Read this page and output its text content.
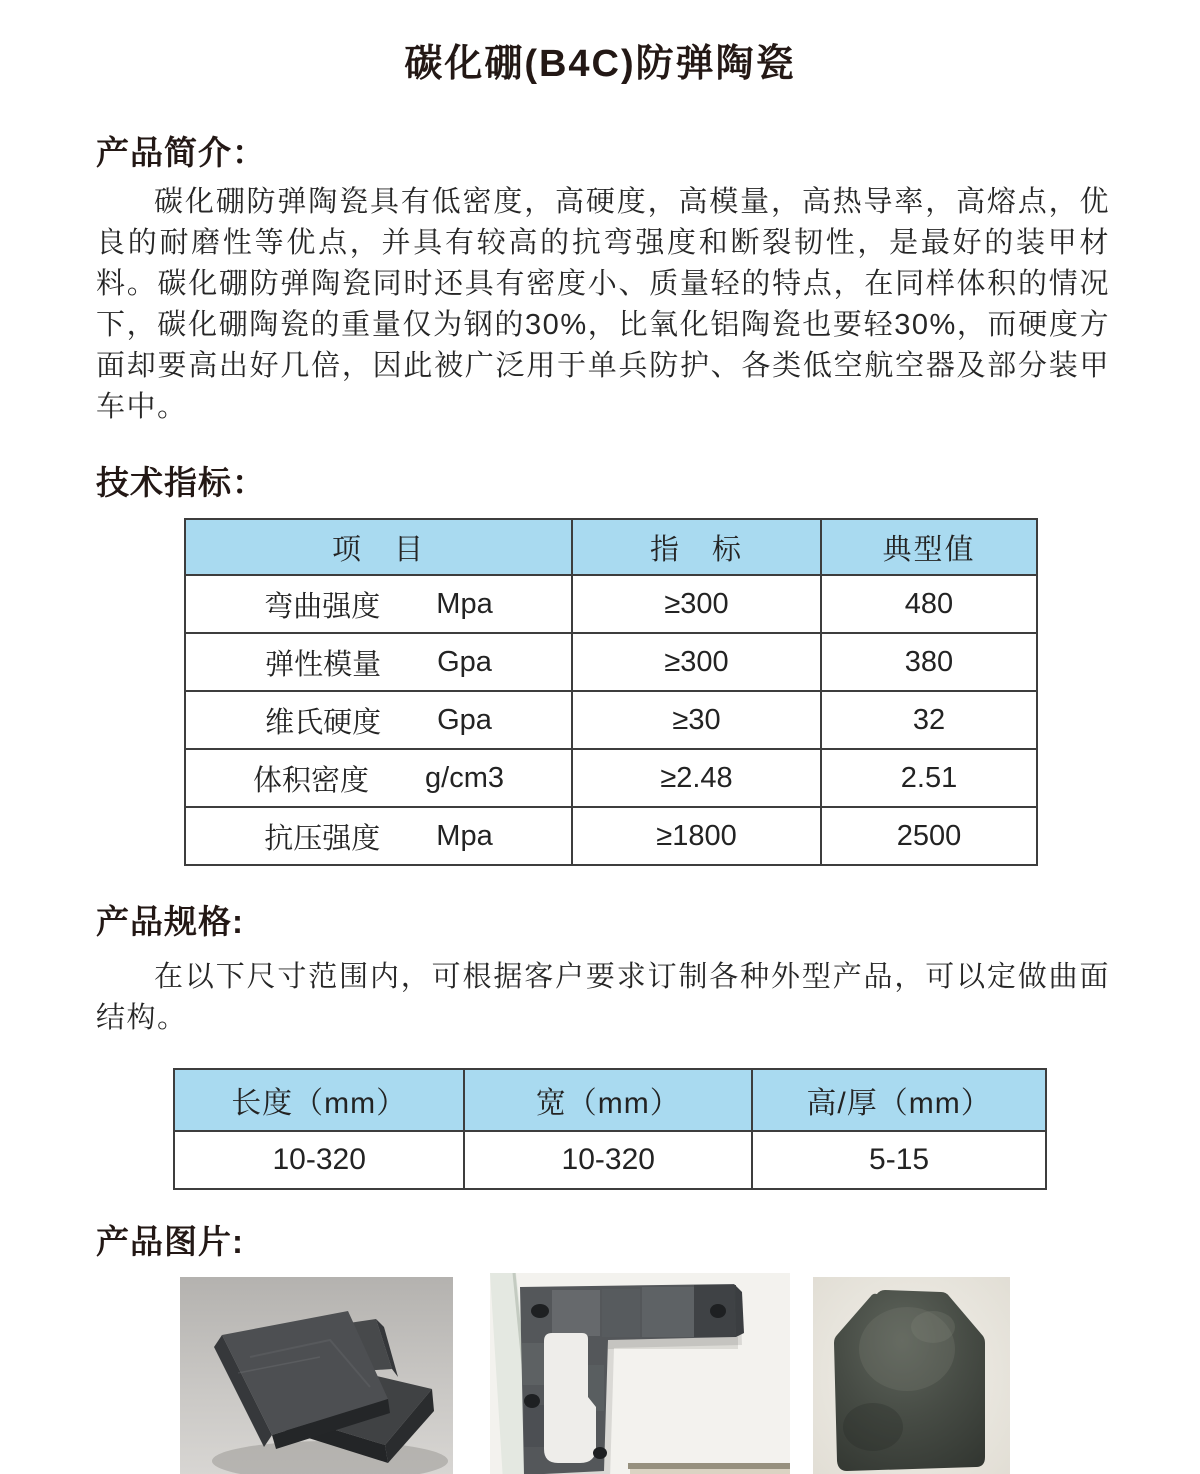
碳化硼(B4C)防弹陶瓷
产品简介：

碳化硼防弹陶瓷具有低密度，高硬度，高模量，高热导率，高熔点，优良的耐磨性等优点，并具有较高的抗弯强度和断裂韧性，是最好的装甲材料。碳化硼防弹陶瓷同时还具有密度小、质量轻的特点，在同样体积的情况下，碳化硼陶瓷的重量仅为钢的30%，比氧化铝陶瓷也要轻30%，而硬度方面却要高出好几倍，因此被广泛用于单兵防护、各类低空航空器及部分装甲车中。

技术指标：
项　目	指　标	典型值

弯曲强度 Mpa	≥300	480

弹性模量 Gpa	≥300	380

维氏硬度 Gpa	≥30	32

体积密度 g/cm3	≥2.48	2.51

抗压强度 Mpa	≥1800	2500
产品规格:

在以下尺寸范围内，可根据客户要求订制各种外型产品，可以定做曲面结构。

长度（mm）	宽（mm）	高/厚（mm）
10-320	10-320	5-15
产品图片:
